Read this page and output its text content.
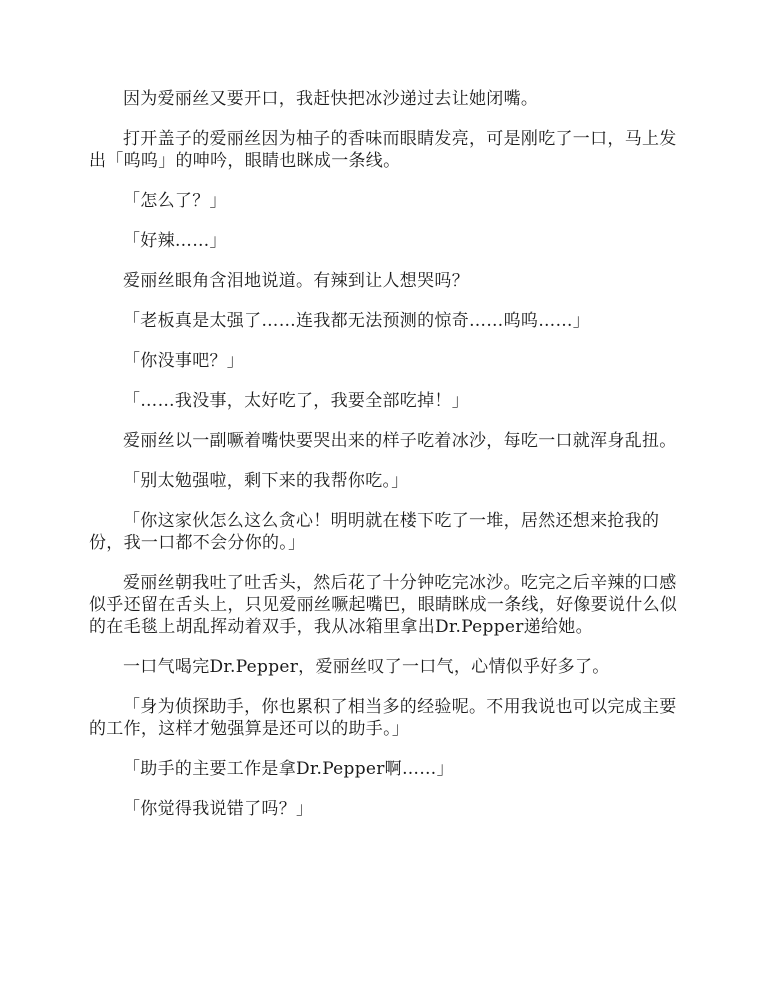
因为爱丽丝又要开口，我赶快把冰沙递过去让她闭嘴。

打开盖子的爱丽丝因为柚子的香味而眼睛发亮，可是刚吃了一口，马上发出「呜呜」的呻吟，眼睛也眯成一条线。

「怎么了？」

「好辣……」

爱丽丝眼角含泪地说道。有辣到让人想哭吗？

「老板真是太强了……连我都无法预测的惊奇……呜呜……」

「你没事吧？」

「……我没事，太好吃了，我要全部吃掉！」

爱丽丝以一副噘着嘴快要哭出来的样子吃着冰沙，每吃一口就浑身乱扭。

「别太勉强啦，剩下来的我帮你吃。」

「你这家伙怎么这么贪心！明明就在楼下吃了一堆，居然还想来抢我的份，我一口都不会分你的。」

爱丽丝朝我吐了吐舌头，然后花了十分钟吃完冰沙。吃完之后辛辣的口感似乎还留在舌头上，只见爱丽丝噘起嘴巴，眼睛眯成一条线，好像要说什么似的在毛毯上胡乱挥动着双手，我从冰箱里拿出Dr.Pepper递给她。

一口气喝完Dr.Pepper，爱丽丝叹了一口气，心情似乎好多了。

「身为侦探助手，你也累积了相当多的经验呢。不用我说也可以完成主要的工作，这样才勉强算是还可以的助手。」

「助手的主要工作是拿Dr.Pepper啊……」

「你觉得我说错了吗？」
